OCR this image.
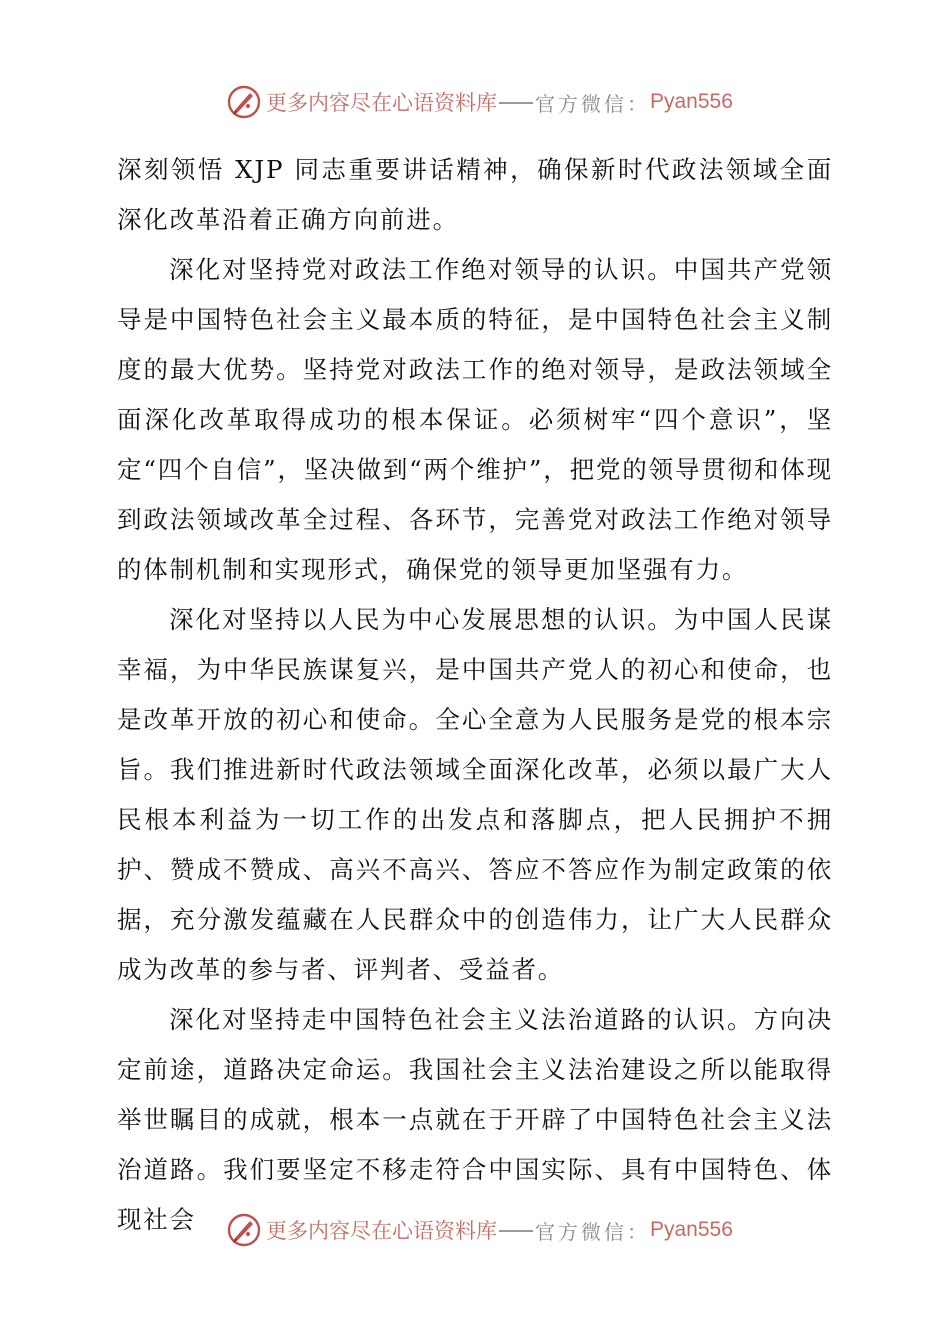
更多内容尽在心语资料库 官方微信： Pyan556

深刻领悟 XJP 同志重要讲话精神，确保新时代政法领域全面深化改革沿着正确方向前进。

深化对坚持党对政法工作绝对领导的认识。中国共产党领导是中国特色社会主义最本质的特征，是中国特色社会主义制度的最大优势。坚持党对政法工作的绝对领导，是政法领域全面深化改革取得成功的根本保证。必须树牢“四个意识”，坚定“四个自信”，坚决做到“两个维护”，把党的领导贯彻和体现到政法领域改革全过程、各环节，完善党对政法工作绝对领导的体制机制和实现形式，确保党的领导更加坚强有力。

深化对坚持以人民为中心发展思想的认识。为中国人民谋幸福，为中华民族谋复兴，是中国共产党人的初心和使命，也是改革开放的初心和使命。全心全意为人民服务是党的根本宗旨。我们推进新时代政法领域全面深化改革，必须以最广大人民根本利益为一切工作的出发点和落脚点，把人民拥护不拥护、赞成不赞成、高兴不高兴、答应不答应作为制定政策的依据，充分激发蕴藏在人民群众中的创造伟力，让广大人民群众成为改革的参与者、评判者、受益者。

深化对坚持走中国特色社会主义法治道路的认识。方向决定前途，道路决定命运。我国社会主义法治建设之所以能取得举世瞩目的成就，根本一点就在于开辟了中国特色社会主义法治道路。我们要坚定不移走符合中国实际、具有中国特色、体现社会	更多内容尽在心语资料库 官方微信： Pyan556
